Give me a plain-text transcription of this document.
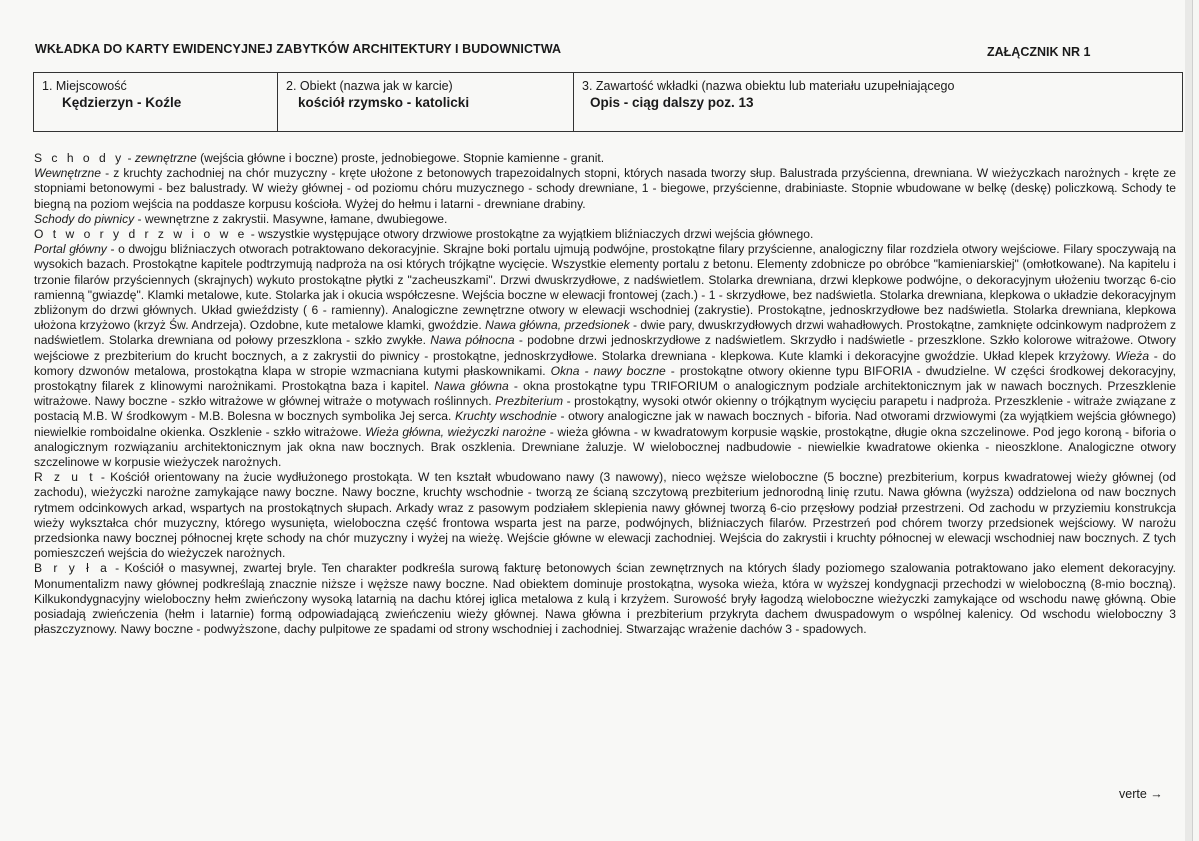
WKŁADKA DO KARTY EWIDENCYJNEJ ZABYTKÓW ARCHITEKTURY I BUDOWNICTWA	ZAŁĄCZNIK NR 1
1. Miejscowość
Kędzierzyn - Koźle
2. Obiekt (nazwa jak w karcie)
kościół rzymsko - katolicki
3. Zawartość wkładki (nazwa obiektu lub materiału uzupełniającego
Opis - ciąg dalszy poz. 13

S c h o d y - zewnętrzne (wejścia główne i boczne) proste, jednobiegowe. Stopnie kamienne - granit.

Wewnętrzne - z kruchty zachodniej na chór muzyczny - kręte ułożone z betonowych trapezoidalnych stopni, których nasada tworzy słup. Balustrada przyścienna, drewniana. W wieżyczkach narożnych - kręte ze stopniami betonowymi - bez balustrady. W wieży głównej - od poziomu chóru muzycznego - schody drewniane, 1 - biegowe, przyścienne, drabiniaste. Stopnie wbudowane w belkę (deskę) policzkową. Schody te biegną na poziom wejścia na poddasze korpusu kościoła. Wyżej do hełmu i latarni - drewniane drabiny.

Schody do piwnicy - wewnętrzne z zakrystii. Masywne, łamane, dwubiegowe.

O t w o r y d r z w i o w e - wszystkie występujące otwory drzwiowe prostokątne za wyjątkiem bliźniaczych drzwi wejścia głównego.

Portal główny - o dwojgu bliźniaczych otworach potraktowano dekoracyjnie. Skrajne boki portalu ujmują podwójne, prostokątne filary przyścienne, analogiczny filar rozdziela otwory wejściowe. Filary spoczywają na wysokich bazach. Prostokątne kapitele podtrzymują nadproża na osi których trójkątne wycięcie. Wszystkie elementy portalu z betonu. Elementy zdobnicze po obróbce "kamieniarskiej" (omłotkowane). Na kapitelu i trzonie filarów przyściennych (skrajnych) wykuto prostokątne płytki z "zacheuszkami". Drzwi dwuskrzydłowe, z nadświetlem. Stolarka drewniana, drzwi klepkowe podwójne, o dekoracyjnym ułożeniu tworząc 6-cio ramienną "gwiazdę". Klamki metalowe, kute. Stolarka jak i okucia współczesne. Wejścia boczne w elewacji frontowej (zach.) - 1 - skrzydłowe, bez nadświetla. Stolarka drewniana, klepkowa o układzie dekoracyjnym zbliżonym do drzwi głównych. Układ gwieździsty ( 6 - ramienny). Analogiczne zewnętrzne otwory w elewacji wschodniej (zakrystie). Prostokątne, jednoskrzydłowe bez nadświetla. Stolarka drewniana, klepkowa ułożona krzyżowo (krzyż Św. Andrzeja). Ozdobne, kute metalowe klamki, gwoździe. Nawa główna, przedsionek - dwie pary, dwuskrzydłowych drzwi wahadłowych. Prostokątne, zamknięte odcinkowym nadprożem z nadświetlem. Stolarka drewniana od połowy przeszklona - szkło zwykłe. Nawa północna - podobne drzwi jednoskrzydłowe z nadświetlem. Skrzydło i nadświetle - przeszklone. Szkło kolorowe witrażowe. Otwory wejściowe z prezbiterium do krucht bocznych, a z zakrystii do piwnicy - prostokątne, jednoskrzydłowe. Stolarka drewniana - klepkowa. Kute klamki i dekoracyjne gwoździe. Układ klepek krzyżowy. Wieża - do komory dzwonów metalowa, prostokątna klapa w stropie wzmacniana kutymi płaskownikami. Okna - nawy boczne - prostokątne otwory okienne typu BIFORIA - dwudzielne. W części środkowej dekoracyjny, prostokątny filarek z klinowymi narożnikami. Prostokątna baza i kapitel. Nawa główna - okna prostokątne typu TRIFORIUM o analogicznym podziale architektonicznym jak w nawach bocznych. Przeszklenie witrażowe. Nawy boczne - szkło witrażowe w głównej witraże o motywach roślinnych. Prezbiterium - prostokątny, wysoki otwór okienny o trójkątnym wycięciu parapetu i nadproża. Przeszklenie - witraże związane z postacią M.B. W środkowym - M.B. Bolesna w bocznych symbolika Jej serca. Kruchty wschodnie - otwory analogiczne jak w nawach bocznych - biforia. Nad otworami drzwiowymi (za wyjątkiem wejścia głównego) niewielkie romboidalne okienka. Oszklenie - szkło witrażowe. Wieża główna, wieżyczki narożne - wieża główna - w kwadratowym korpusie wąskie, prostokątne, długie okna szczelinowe. Pod jego koroną - biforia o analogicznym rozwiązaniu architektonicznym jak okna naw bocznych. Brak oszklenia. Drewniane żaluzje. W wielobocznej nadbudowie - niewielkie kwadratowe okienka - nieoszklone. Analogiczne otwory szczelinowe w korpusie wieżyczek narożnych.

R z u t - Kościół orientowany na żucie wydłużonego prostokąta. W ten kształt wbudowano nawy (3 nawowy), nieco węższe wieloboczne (5 boczne) prezbiterium, korpus kwadratowej wieży głównej (od zachodu), wieżyczki narożne zamykające nawy boczne. Nawy boczne, kruchty wschodnie - tworzą ze ścianą szczytową prezbiterium jednorodną linię rzutu. Nawa główna (wyższa) oddzielona od naw bocznych rytmem odcinkowych arkad, wspartych na prostokątnych słupach. Arkady wraz z pasowym podziałem sklepienia nawy głównej tworzą 6-cio przęsłowy podział przestrzeni. Od zachodu w przyziemiu konstrukcja wieży wykształca chór muzyczny, którego wysunięta, wieloboczna część frontowa wsparta jest na parze, podwójnych, bliźniaczych filarów. Przestrzeń pod chórem tworzy przedsionek wejściowy. W narożu przedsionka nawy bocznej północnej kręte schody na chór muzyczny i wyżej na wieżę. Wejście główne w elewacji zachodniej. Wejścia do zakrystii i kruchty północnej w elewacji wschodniej naw bocznych. Z tych pomieszczeń wejścia do wieżyczek narożnych.

B r y ł a - Kościół o masywnej, zwartej bryle. Ten charakter podkreśla surową fakturę betonowych ścian zewnętrznych na których ślady poziomego szalowania potraktowano jako element dekoracyjny. Monumentalizm nawy głównej podkreślają znacznie niższe i węższe nawy boczne. Nad obiektem dominuje prostokątna, wysoka wieża, która w wyższej kondygnacji przechodzi w wieloboczną (8-mio boczną). Kilkukondygnacyjny wieloboczny hełm zwieńczony wysoką latarnią na dachu której iglica metalowa z kulą i krzyżem. Surowość bryły łagodzą wieloboczne wieżyczki zamykające od wschodu nawę główną. Obie posiadają zwieńczenia (hełm i latarnie) formą odpowiadającą zwieńczeniu wieży głównej. Nawa główna i prezbiterium przykryta dachem dwuspadowym o wspólnej kalenicy. Od wschodu wieloboczny 3 płaszczyznowy. Nawy boczne - podwyższone, dachy pulpitowe ze spadami od strony wschodniej i zachodniej. Stwarzając wrażenie dachów 3 - spadowych.

verte →
